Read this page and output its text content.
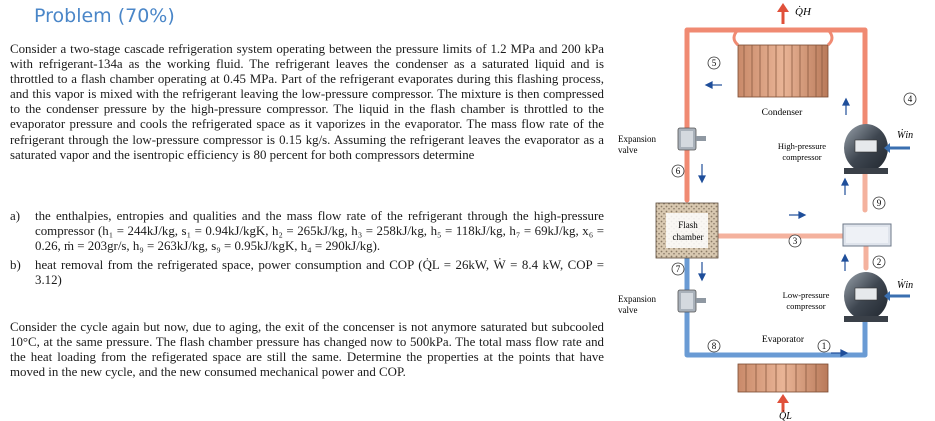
Problem (70%)
Consider a two-stage cascade refrigeration system operating between the pressure limits of 1.2 MPa and 200 kPa with refrigerant-134a as the working fluid. The refrigerant leaves the condenser as a saturated liquid and is throttled to a flash chamber operating at 0.45 MPa. Part of the refrigerant evaporates during this flashing process, and this vapor is mixed with the refrigerant leaving the low-pressure compressor. The mixture is then compressed to the condenser pressure by the high-pressure compressor. The liquid in the flash chamber is throttled to the evaporator pressure and cools the refrigerated space as it vaporizes in the evaporator. The mass flow rate of the refrigerant through the low-pressure compressor is 0.15 kg/s. Assuming the refrigerant leaves the evaporator as a saturated vapor and the isentropic efficiency is 80 percent for both compressors determine
a) the enthalpies, entropies and qualities and the mass flow rate of the refrigerant through the high-pressure compressor (h₁ = 244kJ/kg, s₁ = 0.94kJ/kgK, h₂ = 265kJ/kg, h₃ = 258kJ/kg, h₅ = 118kJ/kg, h₇ = 69kJ/kg, x₆ = 0.26, ṁ = 203gr/s, h₉ = 263kJ/kg, s₉ = 0.95kJ/kgK, h₄ = 290kJ/kg).
b) heat removal from the refrigerated space, power consumption and COP (Q̇L = 26kW, Ẇ = 8.4 kW, COP = 3.12)
Consider the cycle again but now, due to aging, the exit of the concenser is not anymore saturated but subcooled 10°C, at the same pressure. The flash chamber pressure has changed now to 500kPa. The total mass flow rate and the heat loading from the refigerated space are still the same. Determine the properties at the points that have moved in the new cycle, and the new consumed mechanical power and COP.
Condenser
Q̇H
Evaporator
Q̇L
Flash
chamber
Expansion
valve
Expansion
valve
High-pressure
compressor
Ẇin
Low-pressure
compressor
Ẇin
5
4
6
9
3
2
7
8	1
